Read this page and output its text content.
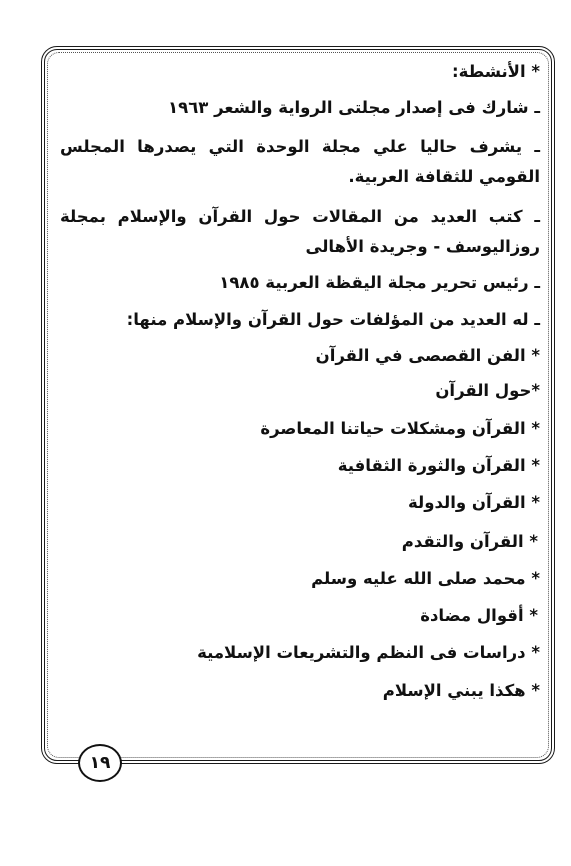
* الأنشطة:
ـ شارك فى إصدار مجلتى الرواية والشعر ١٩٦٣
ـ يشرف حاليا علي مجلة الوحدة التي يصدرها المجلس القومي للثقافة العربية.
ـ كتب العديد من المقالات حول القرآن والإسلام بمجلة روزاليوسف - وجريدة الأهالى
ـ رئيس تحرير مجلة اليقظة العربية ١٩٨٥
ـ له العديد من المؤلفات حول القرآن والإسلام منها:
* الفن القصصى في القرآن
*حول القرآن
* القرآن ومشكلات حياتنا المعاصرة
* القرآن والثورة الثقافية
* القرآن والدولة
* القرآن والتقدم
* محمد صلى الله عليه وسلم
* أقوال مضادة
* دراسات فى النظم والتشريعات الإسلامية
* هكذا يبني الإسلام
١٩
